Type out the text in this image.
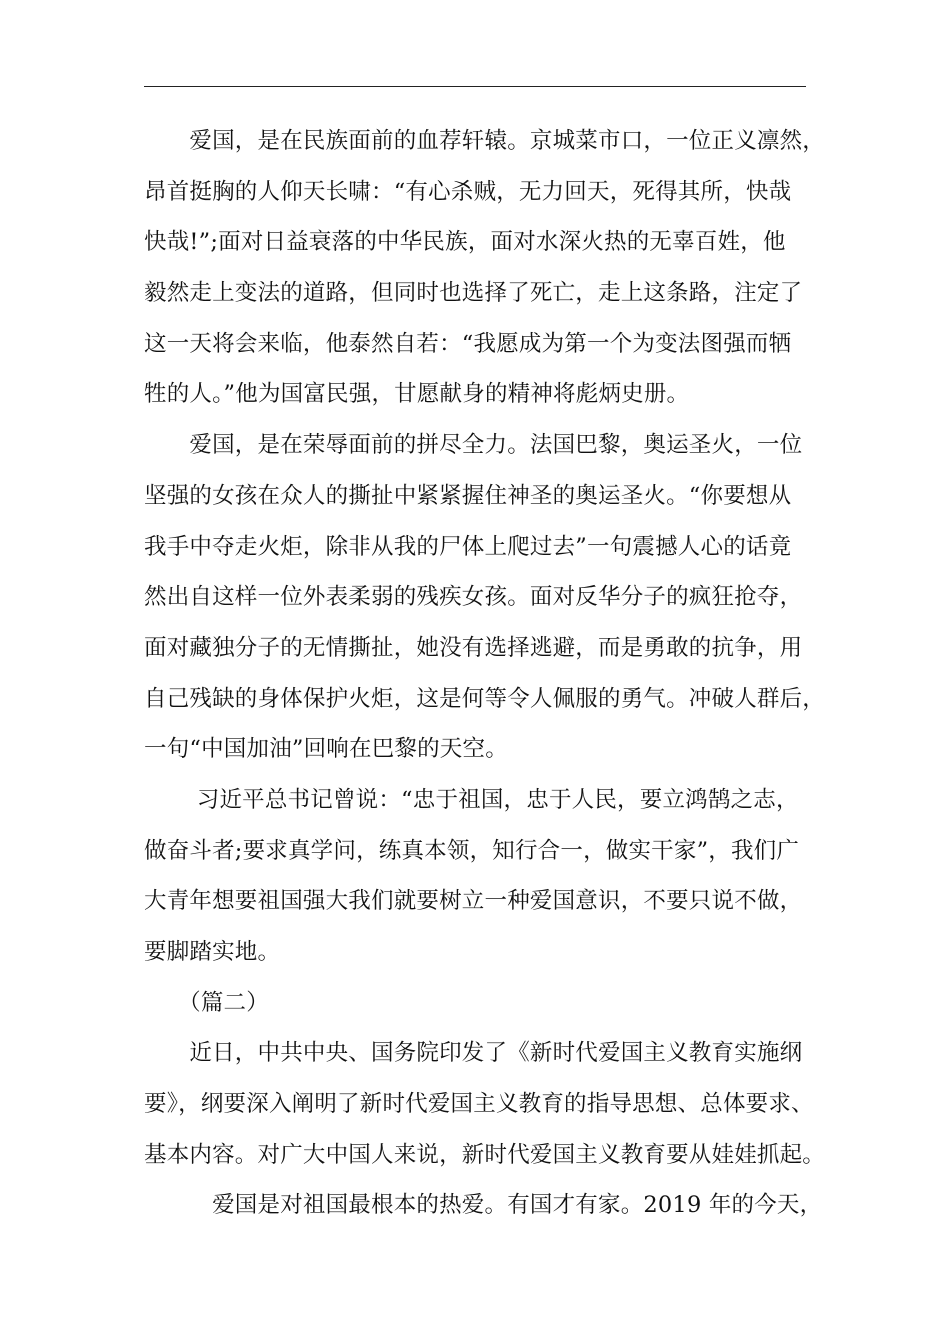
　　爱国，是在民族面前的血荐轩辕。京城菜市口，一位正义凛然，
昂首挺胸的人仰天长啸：“有心杀贼，无力回天，死得其所，快哉
快哉!”;面对日益衰落的中华民族，面对水深火热的无辜百姓，他
毅然走上变法的道路，但同时也选择了死亡，走上这条路，注定了
这一天将会来临，他泰然自若：“我愿成为第一个为变法图强而牺
牲的人。”他为国富民强，甘愿献身的精神将彪炳史册。
　　爱国，是在荣辱面前的拼尽全力。法国巴黎，奥运圣火，一位
坚强的女孩在众人的撕扯中紧紧握住神圣的奥运圣火。“你要想从
我手中夺走火炬，除非从我的尸体上爬过去”一句震撼人心的话竟
然出自这样一位外表柔弱的残疾女孩。面对反华分子的疯狂抢夺，
面对藏独分子的无情撕扯，她没有选择逃避，而是勇敢的抗争，用
自己残缺的身体保护火炬，这是何等令人佩服的勇气。冲破人群后，
一句“中国加油”回响在巴黎的天空。
　　 习近平总书记曾说：“忠于祖国，忠于人民，要立鸿鹄之志，
做奋斗者;要求真学问，练真本领，知行合一，做实干家”，我们广
大青年想要祖国强大我们就要树立一种爱国意识，不要只说不做，
要脚踏实地。
　　（篇二）
　　近日，中共中央、国务院印发了《新时代爱国主义教育实施纲
要》，纲要深入阐明了新时代爱国主义教育的指导思想、总体要求、
基本内容。对广大中国人来说，新时代爱国主义教育要从娃娃抓起。
　　　爱国是对祖国最根本的热爱。有国才有家。2019 年的今天，
